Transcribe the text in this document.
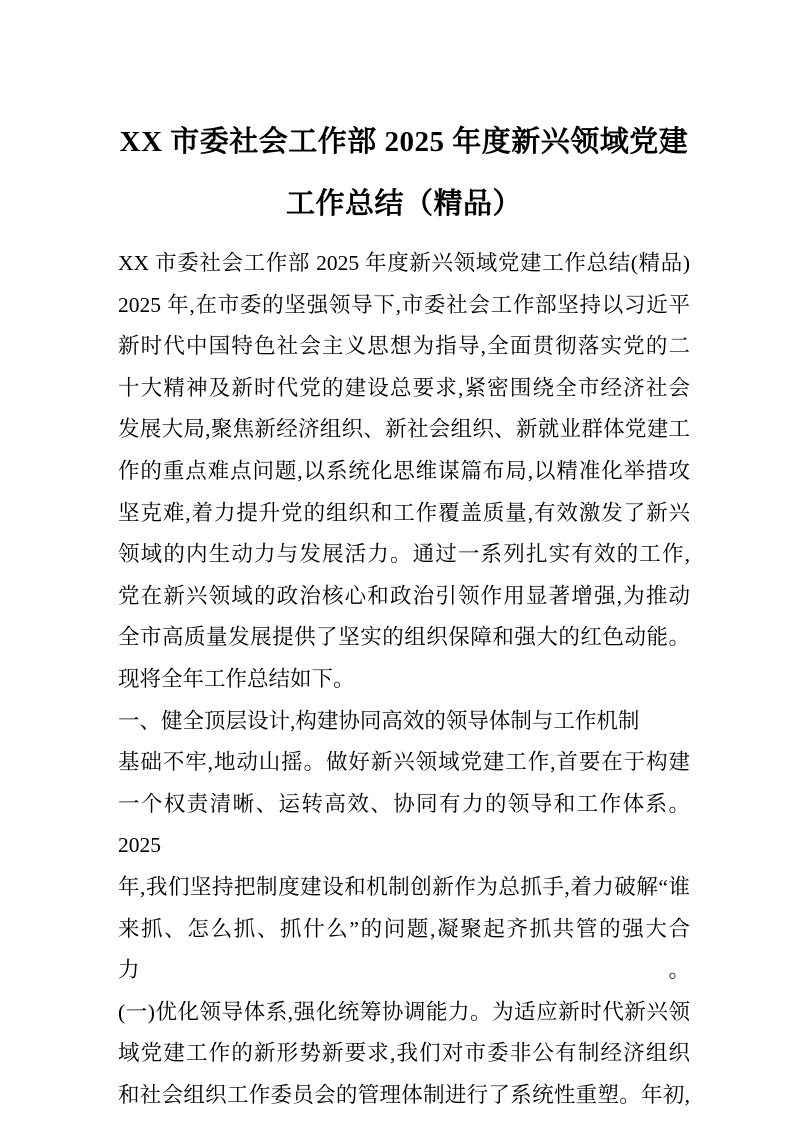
XX 市委社会工作部 2025 年度新兴领域党建
工作总结（精品）
XX 市委社会工作部 2025 年度新兴领域党建工作总结(精品)
2025 年,在市委的坚强领导下,市委社会工作部坚持以习近平
新时代中国特色社会主义思想为指导,全面贯彻落实党的二
十大精神及新时代党的建设总要求,紧密围绕全市经济社会
发展大局,聚焦新经济组织、新社会组织、新就业群体党建工
作的重点难点问题,以系统化思维谋篇布局,以精准化举措攻
坚克难,着力提升党的组织和工作覆盖质量,有效激发了新兴
领域的内生动力与发展活力。通过一系列扎实有效的工作,
党在新兴领域的政治核心和政治引领作用显著增强,为推动
全市高质量发展提供了坚实的组织保障和强大的红色动能。
现将全年工作总结如下。
一、健全顶层设计,构建协同高效的领导体制与工作机制
基础不牢,地动山摇。做好新兴领域党建工作,首要在于构建
一个权责清晰、运转高效、协同有力的领导和工作体系。2025
年,我们坚持把制度建设和机制创新作为总抓手,着力破解“谁
来抓、怎么抓、抓什么”的问题,凝聚起齐抓共管的强大合力。
(一)优化领导体系,强化统筹协调能力。为适应新时代新兴领
域党建工作的新形势新要求,我们对市委非公有制经济组织
和社会组织工作委员会的管理体制进行了系统性重塑。年初,
